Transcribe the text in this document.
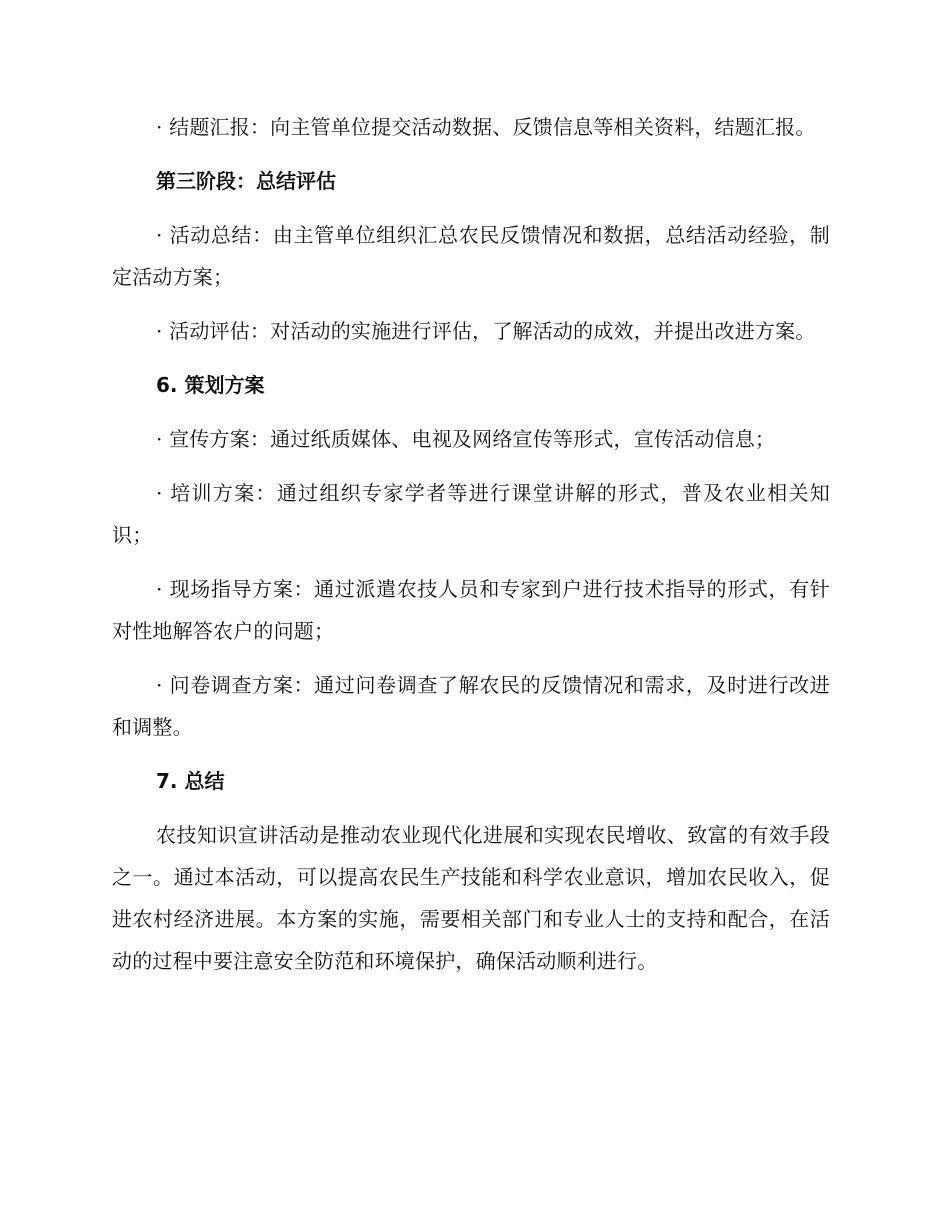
· 结题汇报：向主管单位提交活动数据、反馈信息等相关资料，结题汇报。

第三阶段：总结评估

· 活动总结：由主管单位组织汇总农民反馈情况和数据，总结活动经验，制定活动方案；

· 活动评估：对活动的实施进行评估，了解活动的成效，并提出改进方案。

6. 策划方案

· 宣传方案：通过纸质媒体、电视及网络宣传等形式，宣传活动信息；

· 培训方案：通过组织专家学者等进行课堂讲解的形式，普及农业相关知识；

· 现场指导方案：通过派遣农技人员和专家到户进行技术指导的形式，有针对性地解答农户的问题；

· 问卷调查方案：通过问卷调查了解农民的反馈情况和需求，及时进行改进和调整。

7. 总结

农技知识宣讲活动是推动农业现代化进展和实现农民增收、致富的有效手段之一。通过本活动，可以提高农民生产技能和科学农业意识，增加农民收入，促进农村经济进展。本方案的实施，需要相关部门和专业人士的支持和配合，在活动的过程中要注意安全防范和环境保护，确保活动顺利进行。
